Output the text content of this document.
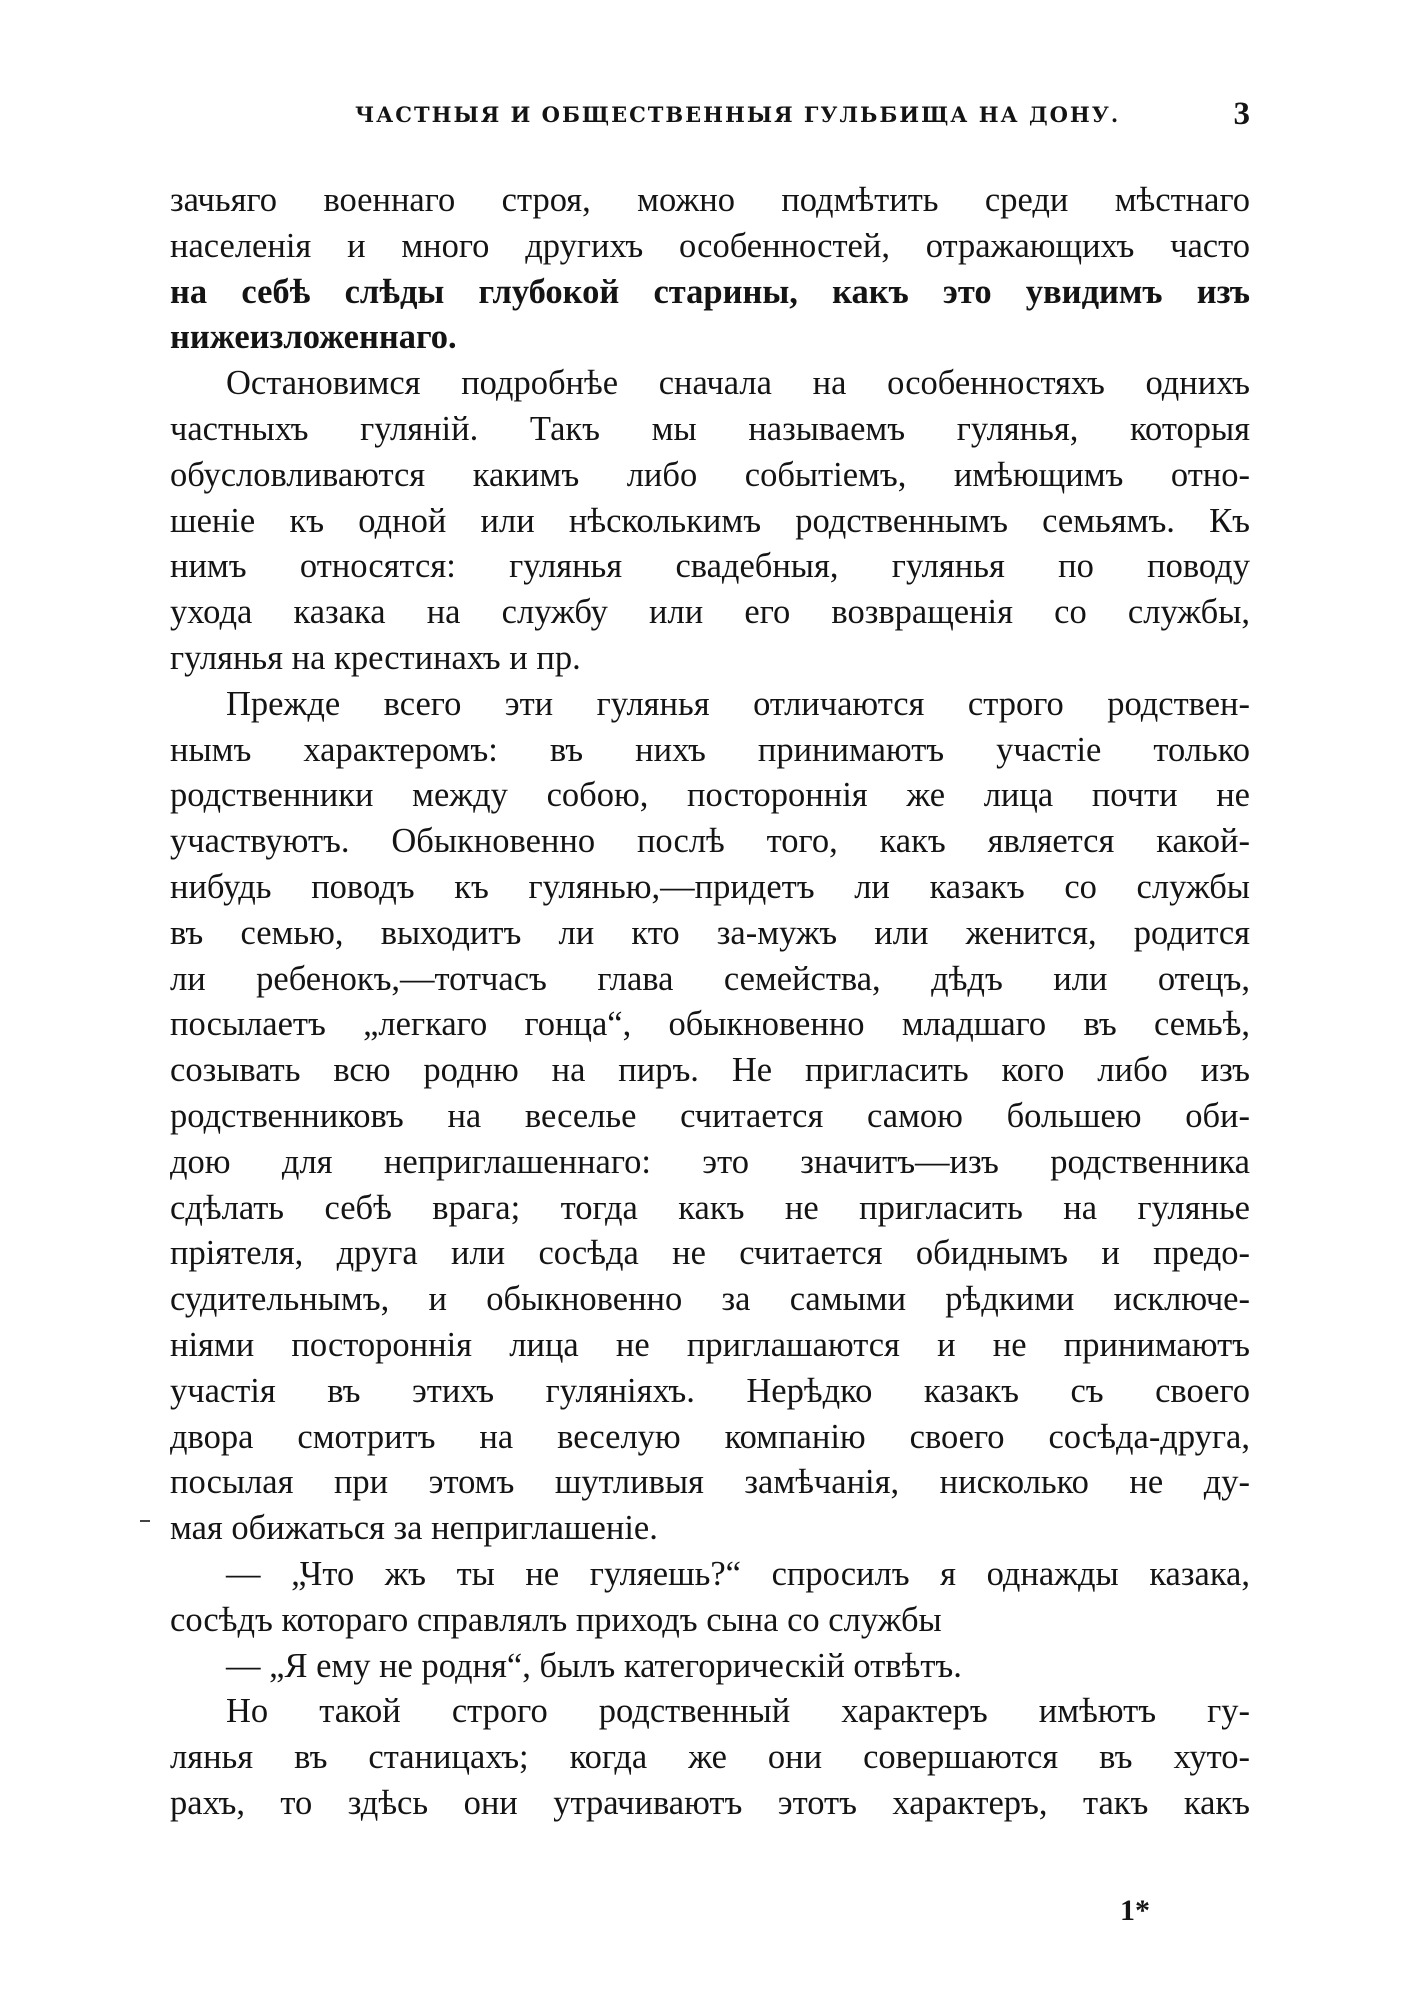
ЧАСТНЫЯ И ОБЩЕСТВЕННЫЯ ГУЛЬБИЩА НА ДОНУ.	3

зачьяго военнаго строя, можно подмѣтить среди мѣстнаго

населенія и много другихъ особенностей, отражающихъ часто

на себѣ слѣды глубокой старины, какъ это увидимъ изъ

нижеизложеннаго.

Остановимся подробнѣе сначала на особенностяхъ однихъ

частныхъ гуляній. Такъ мы называемъ гулянья, которыя

обусловливаются какимъ либо событіемъ, имѣющимъ отно-

шеніе къ одной или нѣсколькимъ родственнымъ семьямъ. Къ

нимъ относятся: гулянья свадебныя, гулянья по поводу

ухода казака на службу или его возвращенія со службы,

гулянья на крестинахъ и пр.

Прежде всего эти гулянья отличаются строго родствен-

нымъ характеромъ: въ нихъ принимаютъ участіе только

родственники между собою, постороннія же лица почти не

участвуютъ. Обыкновенно послѣ того, какъ является какой-

нибудь поводъ къ гулянью,—придетъ ли казакъ со службы

въ семью, выходитъ ли кто за-мужъ или женится, родится

ли ребенокъ,—тотчасъ глава семейства, дѣдъ или отецъ,

посылаетъ „легкаго гонца“, обыкновенно младшаго въ семьѣ,

созывать всю родню на пиръ. Не пригласить кого либо изъ

родственниковъ на веселье считается самою большею оби-

дою для неприглашеннаго: это значитъ—изъ родственника

сдѣлать себѣ врага; тогда какъ не пригласить на гулянье

пріятеля, друга или сосѣда не считается обиднымъ и предо-

судительнымъ, и обыкновенно за самыми рѣдкими исключе-

ніями постороннія лица не приглашаются и не принимаютъ

участія въ этихъ гуляніяхъ. Нерѣдко казакъ съ своего

двора смотритъ на веселую компанію своего сосѣда-друга,

посылая при этомъ шутливыя замѣчанія, нисколько не ду-

мая обижаться за неприглашеніе.

— „Что жъ ты не гуляешь?“ спросилъ я однажды казака,

сосѣдъ котораго справлялъ приходъ сына со службы

— „Я ему не родня“, былъ категорическій отвѣтъ.

Но такой строго родственный характеръ имѣютъ гу-

лянья въ станицахъ; когда же они совершаются въ хуто-

рахъ, то здѣсь они утрачиваютъ этотъ характеръ, такъ какъ

1*
